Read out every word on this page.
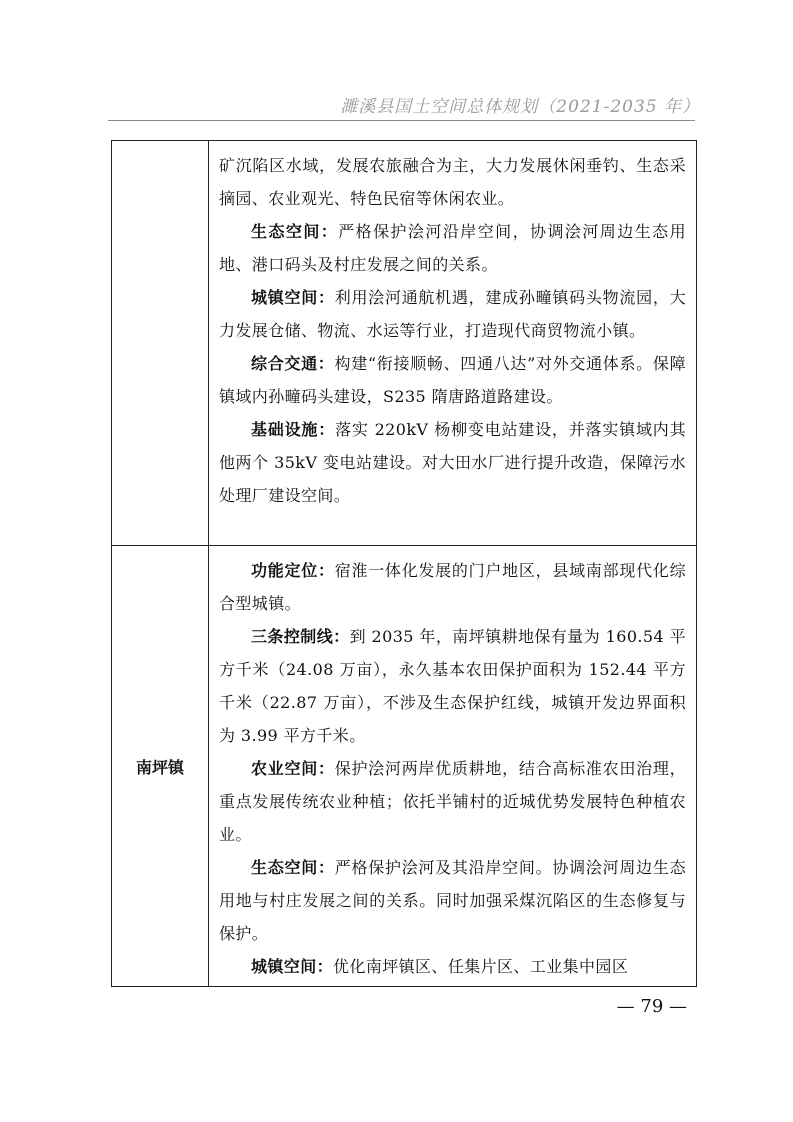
濉溪县国土空间总体规划（2021-2035 年）

矿沉陷区水域，发展农旅融合为主，大力发展休闲垂钓、生态采摘园、农业观光、特色民宿等休闲农业。

生态空间：严格保护浍河沿岸空间，协调浍河周边生态用地、港口码头及村庄发展之间的关系。

城镇空间：利用浍河通航机遇，建成孙疃镇码头物流园，大力发展仓储、物流、水运等行业，打造现代商贸物流小镇。

综合交通：构建“衔接顺畅、四通八达”对外交通体系。保障镇域内孙疃码头建设，S235 隋唐路道路建设。

基础设施：落实 220kV 杨柳变电站建设，并落实镇域内其他两个 35kV 变电站建设。对大田水厂进行提升改造，保障污水处理厂建设空间。

南坪镇

功能定位：宿淮一体化发展的门户地区，县域南部现代化综合型城镇。

三条控制线：到 2035 年，南坪镇耕地保有量为 160.54 平方千米（24.08 万亩），永久基本农田保护面积为 152.44 平方千米（22.87 万亩），不涉及生态保护红线，城镇开发边界面积为 3.99 平方千米。

农业空间：保护浍河两岸优质耕地，结合高标准农田治理，重点发展传统农业种植；依托半铺村的近城优势发展特色种植农业。

生态空间：严格保护浍河及其沿岸空间。协调浍河周边生态用地与村庄发展之间的关系。同时加强采煤沉陷区的生态修复与保护。

城镇空间：优化南坪镇区、任集片区、工业集中园区

— 79 —
